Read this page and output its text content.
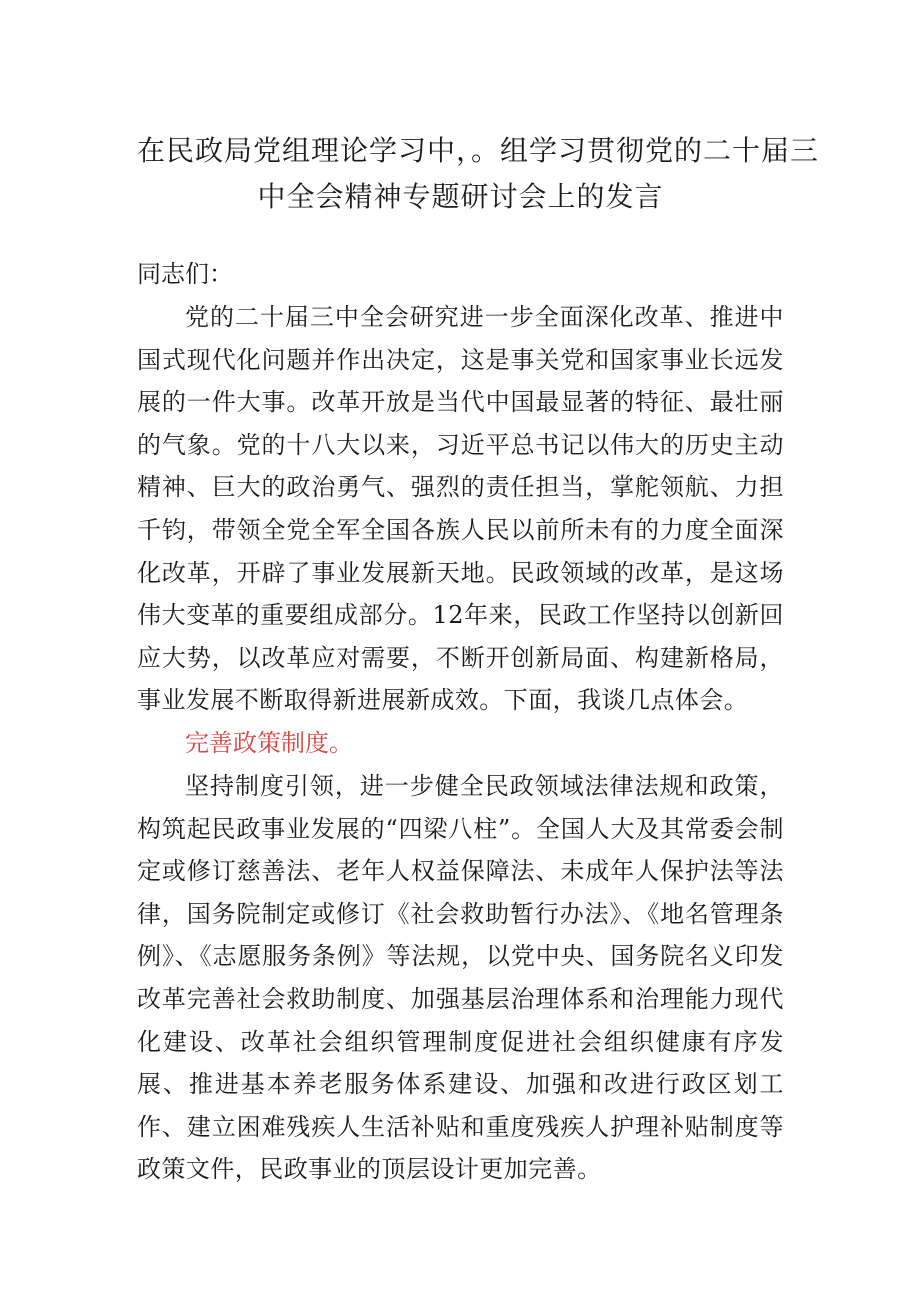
在民政局党组理论学习中，。组学习贯彻党的二十届三
中全会精神专题研讨会上的发言

同志们：

党的二十届三中全会研究进一步全面深化改革、推进中国式现代化问题并作出决定，这是事关党和国家事业长远发展的一件大事。改革开放是当代中国最显著的特征、最壮丽的气象。党的十八大以来，习近平总书记以伟大的历史主动精神、巨大的政治勇气、强烈的责任担当，掌舵领航、力担千钧，带领全党全军全国各族人民以前所未有的力度全面深化改革，开辟了事业发展新天地。民政领域的改革，是这场伟大变革的重要组成部分。12年来，民政工作坚持以创新回应大势，以改革应对需要，不断开创新局面、构建新格局，事业发展不断取得新进展新成效。下面，我谈几点体会。

完善政策制度。

坚持制度引领，进一步健全民政领域法律法规和政策，构筑起民政事业发展的“四梁八柱”。全国人大及其常委会制定或修订慈善法、老年人权益保障法、未成年人保护法等法律，国务院制定或修订《社会救助暂行办法》、《地名管理条例》、《志愿服务条例》等法规，以党中央、国务院名义印发改革完善社会救助制度、加强基层治理体系和治理能力现代化建设、改革社会组织管理制度促进社会组织健康有序发展、推进基本养老服务体系建设、加强和改进行政区划工作、建立困难残疾人生活补贴和重度残疾人护理补贴制度等政策文件，民政事业的顶层设计更加完善。
